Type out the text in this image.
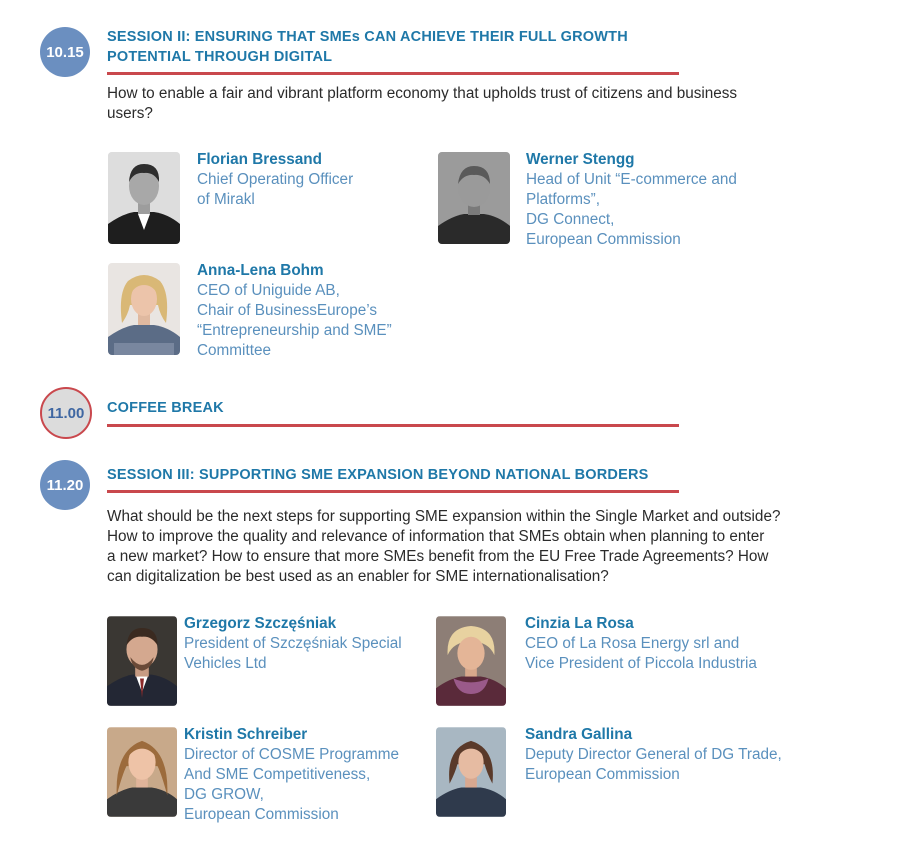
10.15
SESSION II: ENSURING THAT SMEs CAN ACHIEVE THEIR FULL GROWTH
POTENTIAL THROUGH DIGITAL
How to enable a fair and vibrant platform economy that upholds trust of citizens and business
users?
Florian Bressand
Chief Operating Officer
of Mirakl
Werner Stengg
Head of Unit “E-commerce and
Platforms”,
DG Connect,
European Commission
Anna-Lena Bohm
CEO of Uniguide AB,
Chair of BusinessEurope’s
“Entrepreneurship and SME”
Committee
11.00 COFFEE BREAK
11.20
SESSION III: SUPPORTING SME EXPANSION BEYOND NATIONAL BORDERS
What should be the next steps for supporting SME expansion within the Single Market and outside?
How to improve the quality and relevance of information that SMEs obtain when planning to enter
a new market? How to ensure that more SMEs benefit from the EU Free Trade Agreements? How
can digitalization be best used as an enabler for SME internationalisation?
Grzegorz Szczęśniak
President of Szczęśniak Special
Vehicles Ltd
Cinzia La Rosa
CEO of La Rosa Energy srl and
Vice President of Piccola Industria
Kristin Schreiber
Director of COSME Programme
And SME Competitiveness,
DG GROW,
European Commission
Sandra Gallina
Deputy Director General of DG Trade,
European Commission
